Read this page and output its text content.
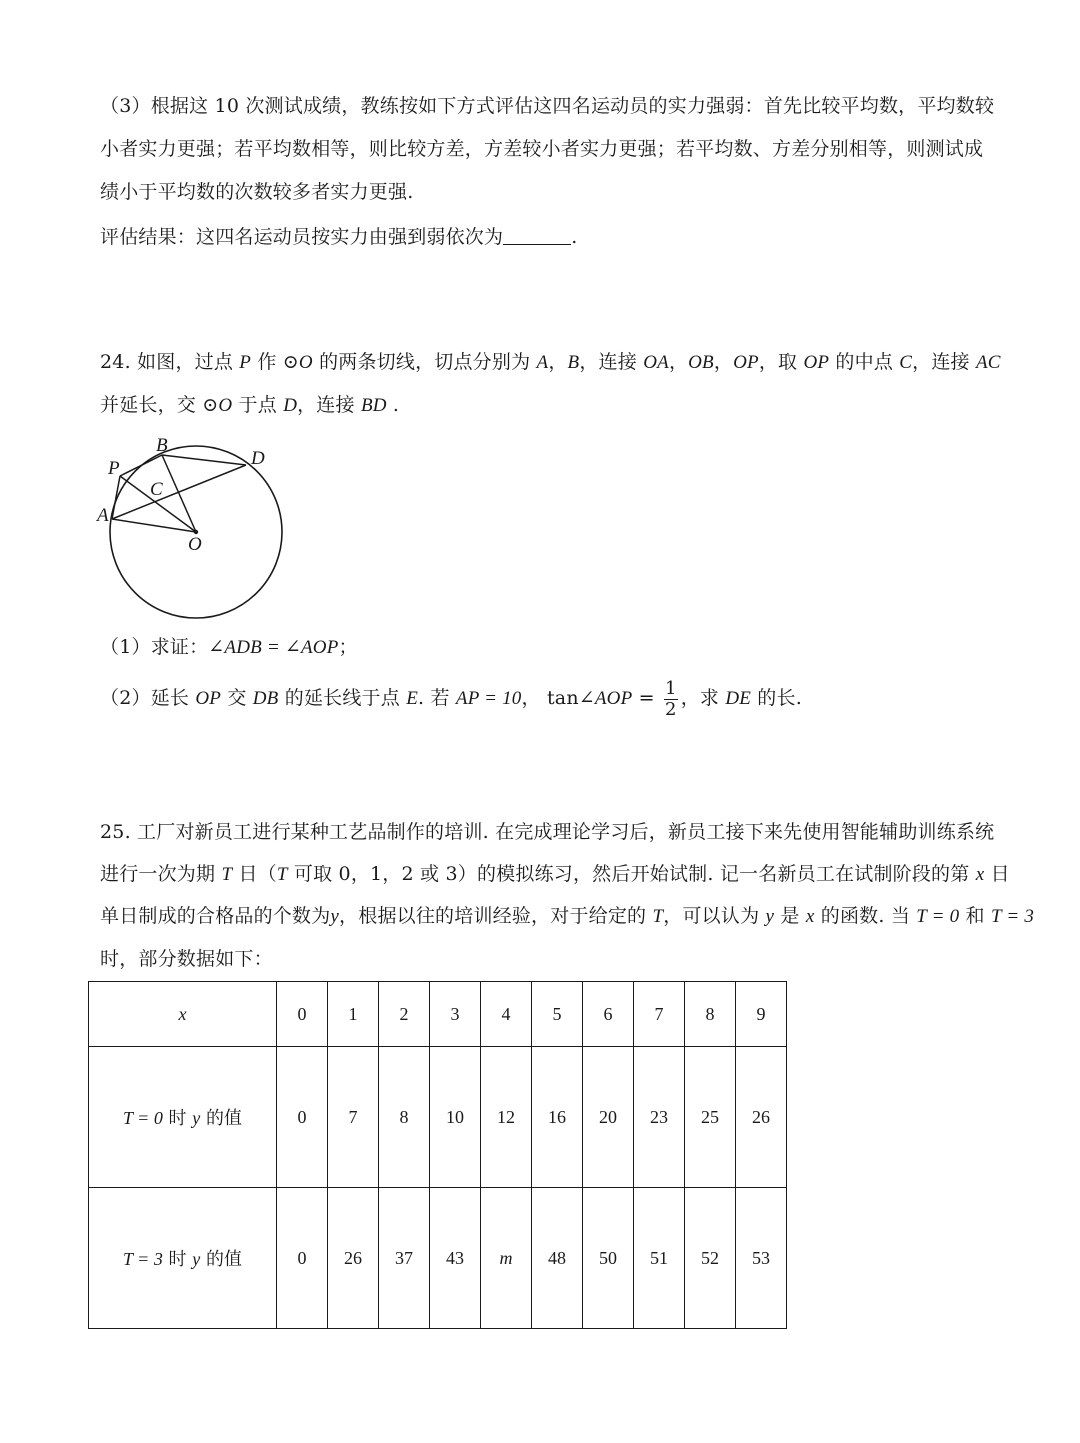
（3）根据这 10 次测试成绩，教练按如下方式评估这四名运动员的实力强弱：首先比较平均数，平均数较
小者实力更强；若平均数相等，则比较方差，方差较小者实力更强；若平均数、方差分别相等，则测试成
绩小于平均数的次数较多者实力更强.
评估结果：这四名运动员按实力由强到弱依次为	.
24. 如图，过点 P 作 ⊙O 的两条切线，切点分别为 A，B，连接 OA，OB，OP，取 OP 的中点 C，连接 AC
并延长，交 ⊙O 于点 D，连接 BD .
B
P	D
C
A
O
（1）求证：∠ADB = ∠AOP；
（2）延长 OP 交 DB 的延长线于点 E. 若 AP = 10， tan∠AOP = $\frac{1}{2}$ ，求 DE 的长.
25. 工厂对新员工进行某种工艺品制作的培训. 在完成理论学习后，新员工接下来先使用智能辅助训练系统
进行一次为期 T 日（T 可取 0，1，2 或 3）的模拟练习，然后开始试制. 记一名新员工在试制阶段的第 x 日
单日制成的合格品的个数为y，根据以往的培训经验，对于给定的 T，可以认为 y 是 x 的函数. 当 T = 0 和 T = 3
时，部分数据如下：
x	0	1	2	3	4	5	6	7	8	9
T = 0 时 y 的值	0	7	8	10	12	16	20	23	25	26
T = 3 时 y 的值	0	26	37	43	m	48	50	51	52	53
